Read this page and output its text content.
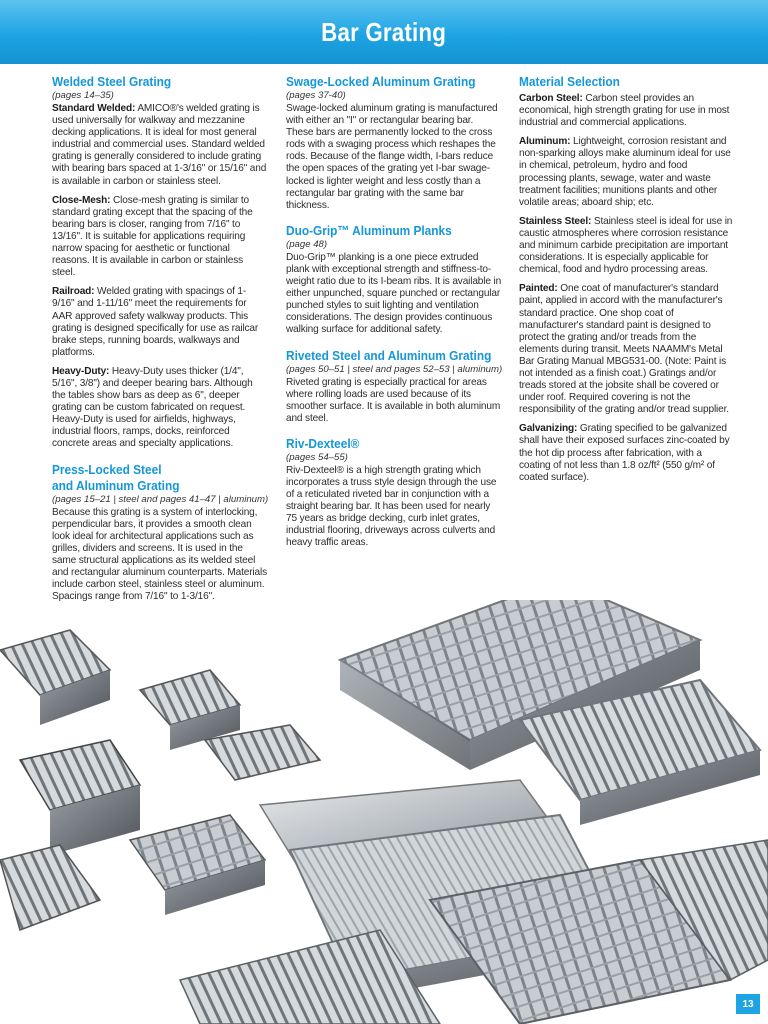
Bar Grating
Welded Steel Grating
(pages 14–35)

Standard Welded: AMICO®'s welded grating is used universally for walkway and mezzanine decking applications. It is ideal for most general industrial and commercial uses. Standard welded grating is generally considered to include grating with bearing bars spaced at 1-3/16" or 15/16" and is available in carbon or stainless steel.

Close-Mesh: Close-mesh grating is similar to standard grating except that the spacing of the bearing bars is closer, ranging from 7/16" to 13/16". It is suitable for applications requiring narrow spacing for aesthetic or functional reasons. It is available in carbon or stainless steel.

Railroad: Welded grating with spacings of 1-9/16" and 1-11/16" meet the requirements for AAR approved safety walkway products. This grating is designed specifically for use as railcar brake steps, running boards, walkways and platforms.

Heavy-Duty: Heavy-Duty uses thicker (1/4", 5/16", 3/8") and deeper bearing bars. Although the tables show bars as deep as 6", deeper grating can be custom fabricated on request. Heavy-Duty is used for airfields, highways, industrial floors, ramps, docks, reinforced concrete areas and specialty applications.

Press-Locked Steel
and Aluminum Grating
(pages 15–21 | steel and pages 41–47 | aluminum)

Because this grating is a system of interlocking, perpendicular bars, it provides a smooth clean look ideal for architectural applications such as grilles, dividers and screens. It is used in the same structural applications as its welded steel and rectangular aluminum counterparts. Materials include carbon steel, stainless steel or aluminum. Spacings range from 7/16" to 1-3/16".

Swage-Locked Aluminum Grating
(pages 37-40)

Swage-locked aluminum grating is manufactured with either an "I" or rectangular bearing bar. These bars are permanently locked to the cross rods with a swaging process which reshapes the rods. Because of the flange width, I-bars reduce the open spaces of the grating yet I-bar swage-locked is lighter weight and less costly than a rectangular bar grating with the same bar thickness.

Duo-Grip™ Aluminum Planks
(page 48)

Duo-Grip™ planking is a one piece extruded plank with exceptional strength and stiffness-to-weight ratio due to its I-beam ribs. It is available in either unpunched, square punched or rectangular punched styles to suit lighting and ventilation considerations. The design provides continuous walking surface for additional safety.

Riveted Steel and Aluminum Grating
(pages 50–51 | steel and pages 52–53 | aluminum)

Riveted grating is especially practical for areas where rolling loads are used because of its smoother surface. It is available in both aluminum and steel.

Riv-Dexteel®
(pages 54–55)

Riv-Dexteel® is a high strength grating which incorporates a truss style design through the use of a reticulated riveted bar in conjunction with a straight bearing bar. It has been used for nearly 75 years as bridge decking, curb inlet grates, industrial flooring, driveways across culverts and heavy traffic areas.

Material Selection

Carbon Steel: Carbon steel provides an economical, high strength grating for use in most industrial and commercial applications.

Aluminum: Lightweight, corrosion resistant and non-sparking alloys make aluminum ideal for use in chemical, petroleum, hydro and food processing plants, sewage, water and waste treatment facilities; munitions plants and other volatile areas; aboard ship; etc.

Stainless Steel: Stainless steel is ideal for use in caustic atmospheres where corrosion resistance and minimum carbide precipitation are important considerations. It is especially applicable for chemical, food and hydro processing areas.

Painted: One coat of manufacturer's standard paint, applied in accord with the manufacturer's standard practice. One shop coat of manufacturer's standard paint is designed to protect the grating and/or treads from the elements during transit. Meets NAAMM's Metal Bar Grating Manual MBG531-00. (Note: Paint is not intended as a finish coat.) Gratings and/or treads stored at the jobsite shall be covered or under roof. Required covering is not the responsibility of the grating and/or tread supplier.

Galvanizing: Grating specified to be galvanized shall have their exposed surfaces zinc-coated by the hot dip process after fabrication, with a coating of not less than 1.8 oz/ft² (550 g/m² of coated surface).

13
